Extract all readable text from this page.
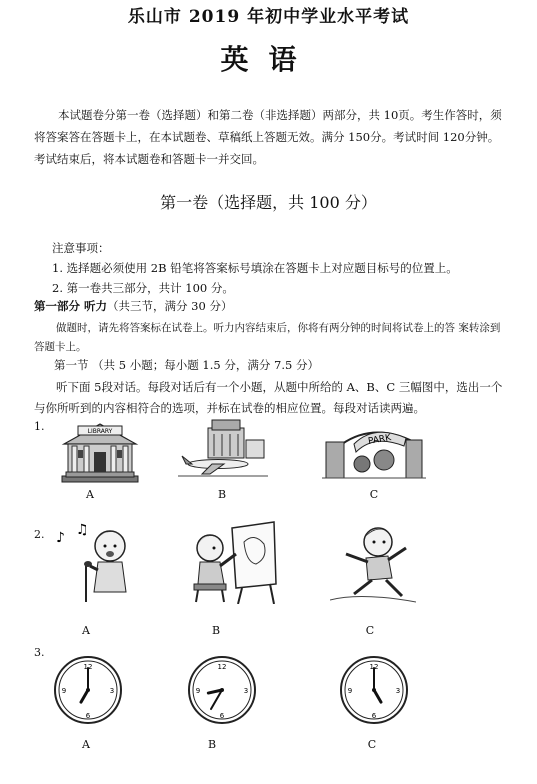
乐山市 2019 年初中学业水平考试
英语
本试题卷分第一卷（选择题）和第二卷（非选择题）两部分，共 10页。考生作答时，须将答案答在答题卡上，在本试题卷、草稿纸上答题无效。满分 150分。考试时间 120分钟。考试结束后，将本试题卷和答题卡一并交回。
第一卷（选择题，共 100 分）
注意事项：
1. 选择题必须使用 2B 铅笔将答案标号填涂在答题卡上对应题目标号的位置上。
2. 第一卷共三部分，共计 100 分。
第一部分 听力（共三节，满分 30 分）
做题时，请先将答案标在试卷上。听力内容结束后，你将有两分钟的时间将试卷上的答 案转涂到答题卡上。
第一节 （共 5 小题；每小题 1.5 分，满分 7.5 分）
听下面 5段对话。每段对话后有一个小题，从题中所给的 A、B、C 三幅图中，选出一个与你所听到的内容相符合的选项，并标在试卷的相应位置。每段对话读两遍。
1.	LIBRARY
A	B
PARK
C
2. ♪ ♫
A	B	C
3.
12
3
6
9
A
12
3
6
9
B
12
3
6
9
C
